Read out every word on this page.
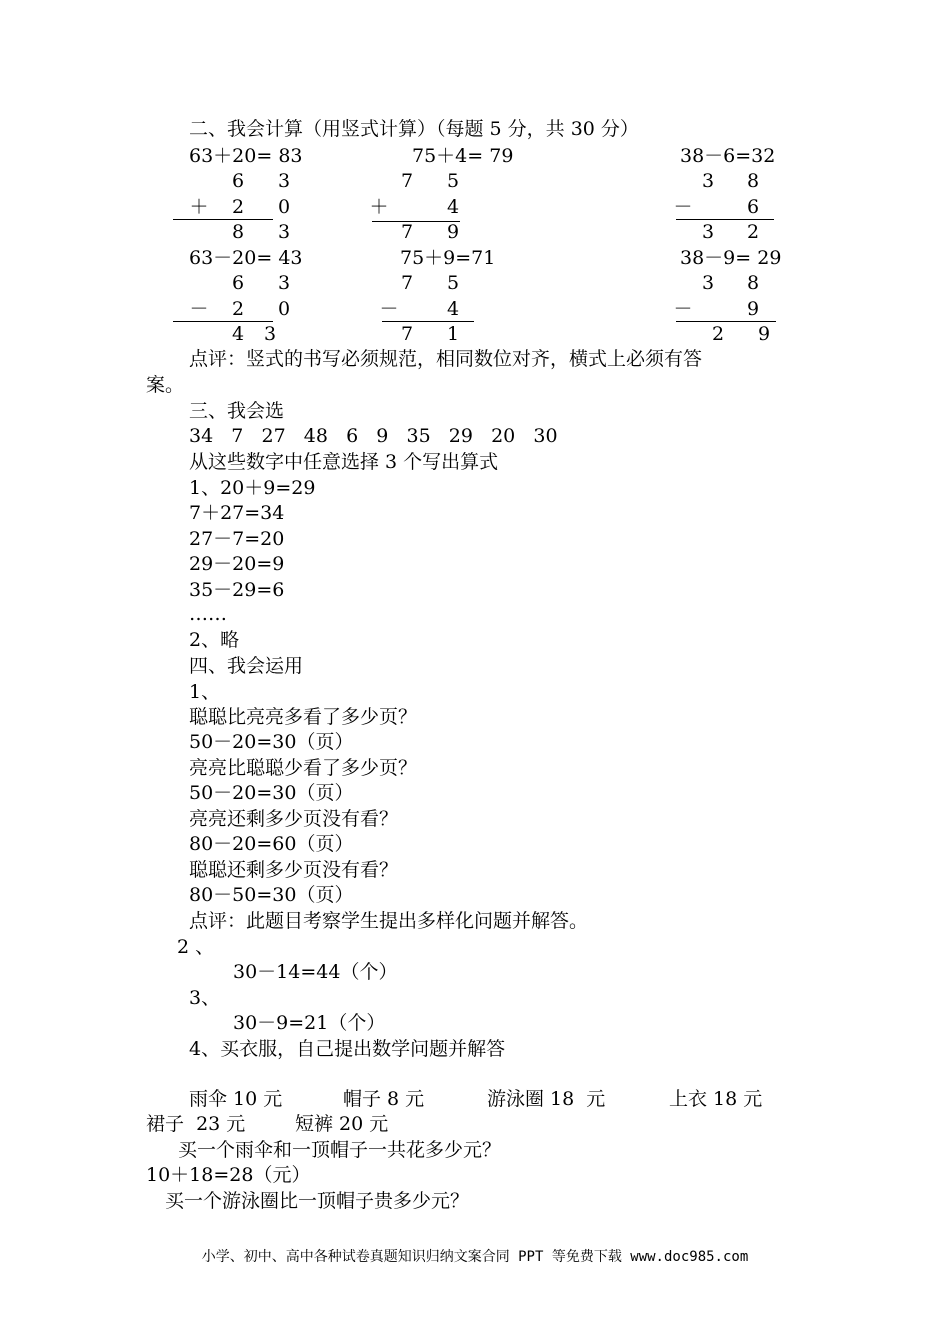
二、我会计算（用竖式计算）（每题 5 分，共 30 分）
63＋20= 83	75＋4= 79	38－6=32
6 3
＋ 2 0
8 3
7 5
＋	4
7 9
3 8
－	6
3 2
63－20= 43	75＋9=71	38－9= 29
6 3
－ 2 0
4 3
7 5
－	4
7 1
3 8
－	9
2 9
点评：竖式的书写必须规范，相同数位对齐，横式上必须有答
案。
三、我会选
34   7   27   48   6   9   35   29   20   30
从这些数字中任意选择 3 个写出算式
1、20＋9=29
7＋27=34
27－7=20
29－20=9
35－29=6
……
2、略
四、我会运用
1、
聪聪比亮亮多看了多少页？
50－20=30（页）
亮亮比聪聪少看了多少页？
50－20=30（页）
亮亮还剩多少页没有看？
80－20=60（页）
聪聪还剩多少页没有看？
80－50=30（页）
点评：此题目考察学生提出多样化问题并解答。
2 、
30－14=44（个）
3、
30－9=21（个）
4、买衣服，自己提出数学问题并解答
雨伞 10 元	帽子 8 元	游泳圈 18  元	上衣 18 元
裙子  23 元	短裤 20 元
买一个雨伞和一顶帽子一共花多少元？
10＋18=28（元）
买一个游泳圈比一顶帽子贵多少元？
小学、初中、高中各种试卷真题知识归纳文案合同 PPT 等免费下载 www.doc985.com
